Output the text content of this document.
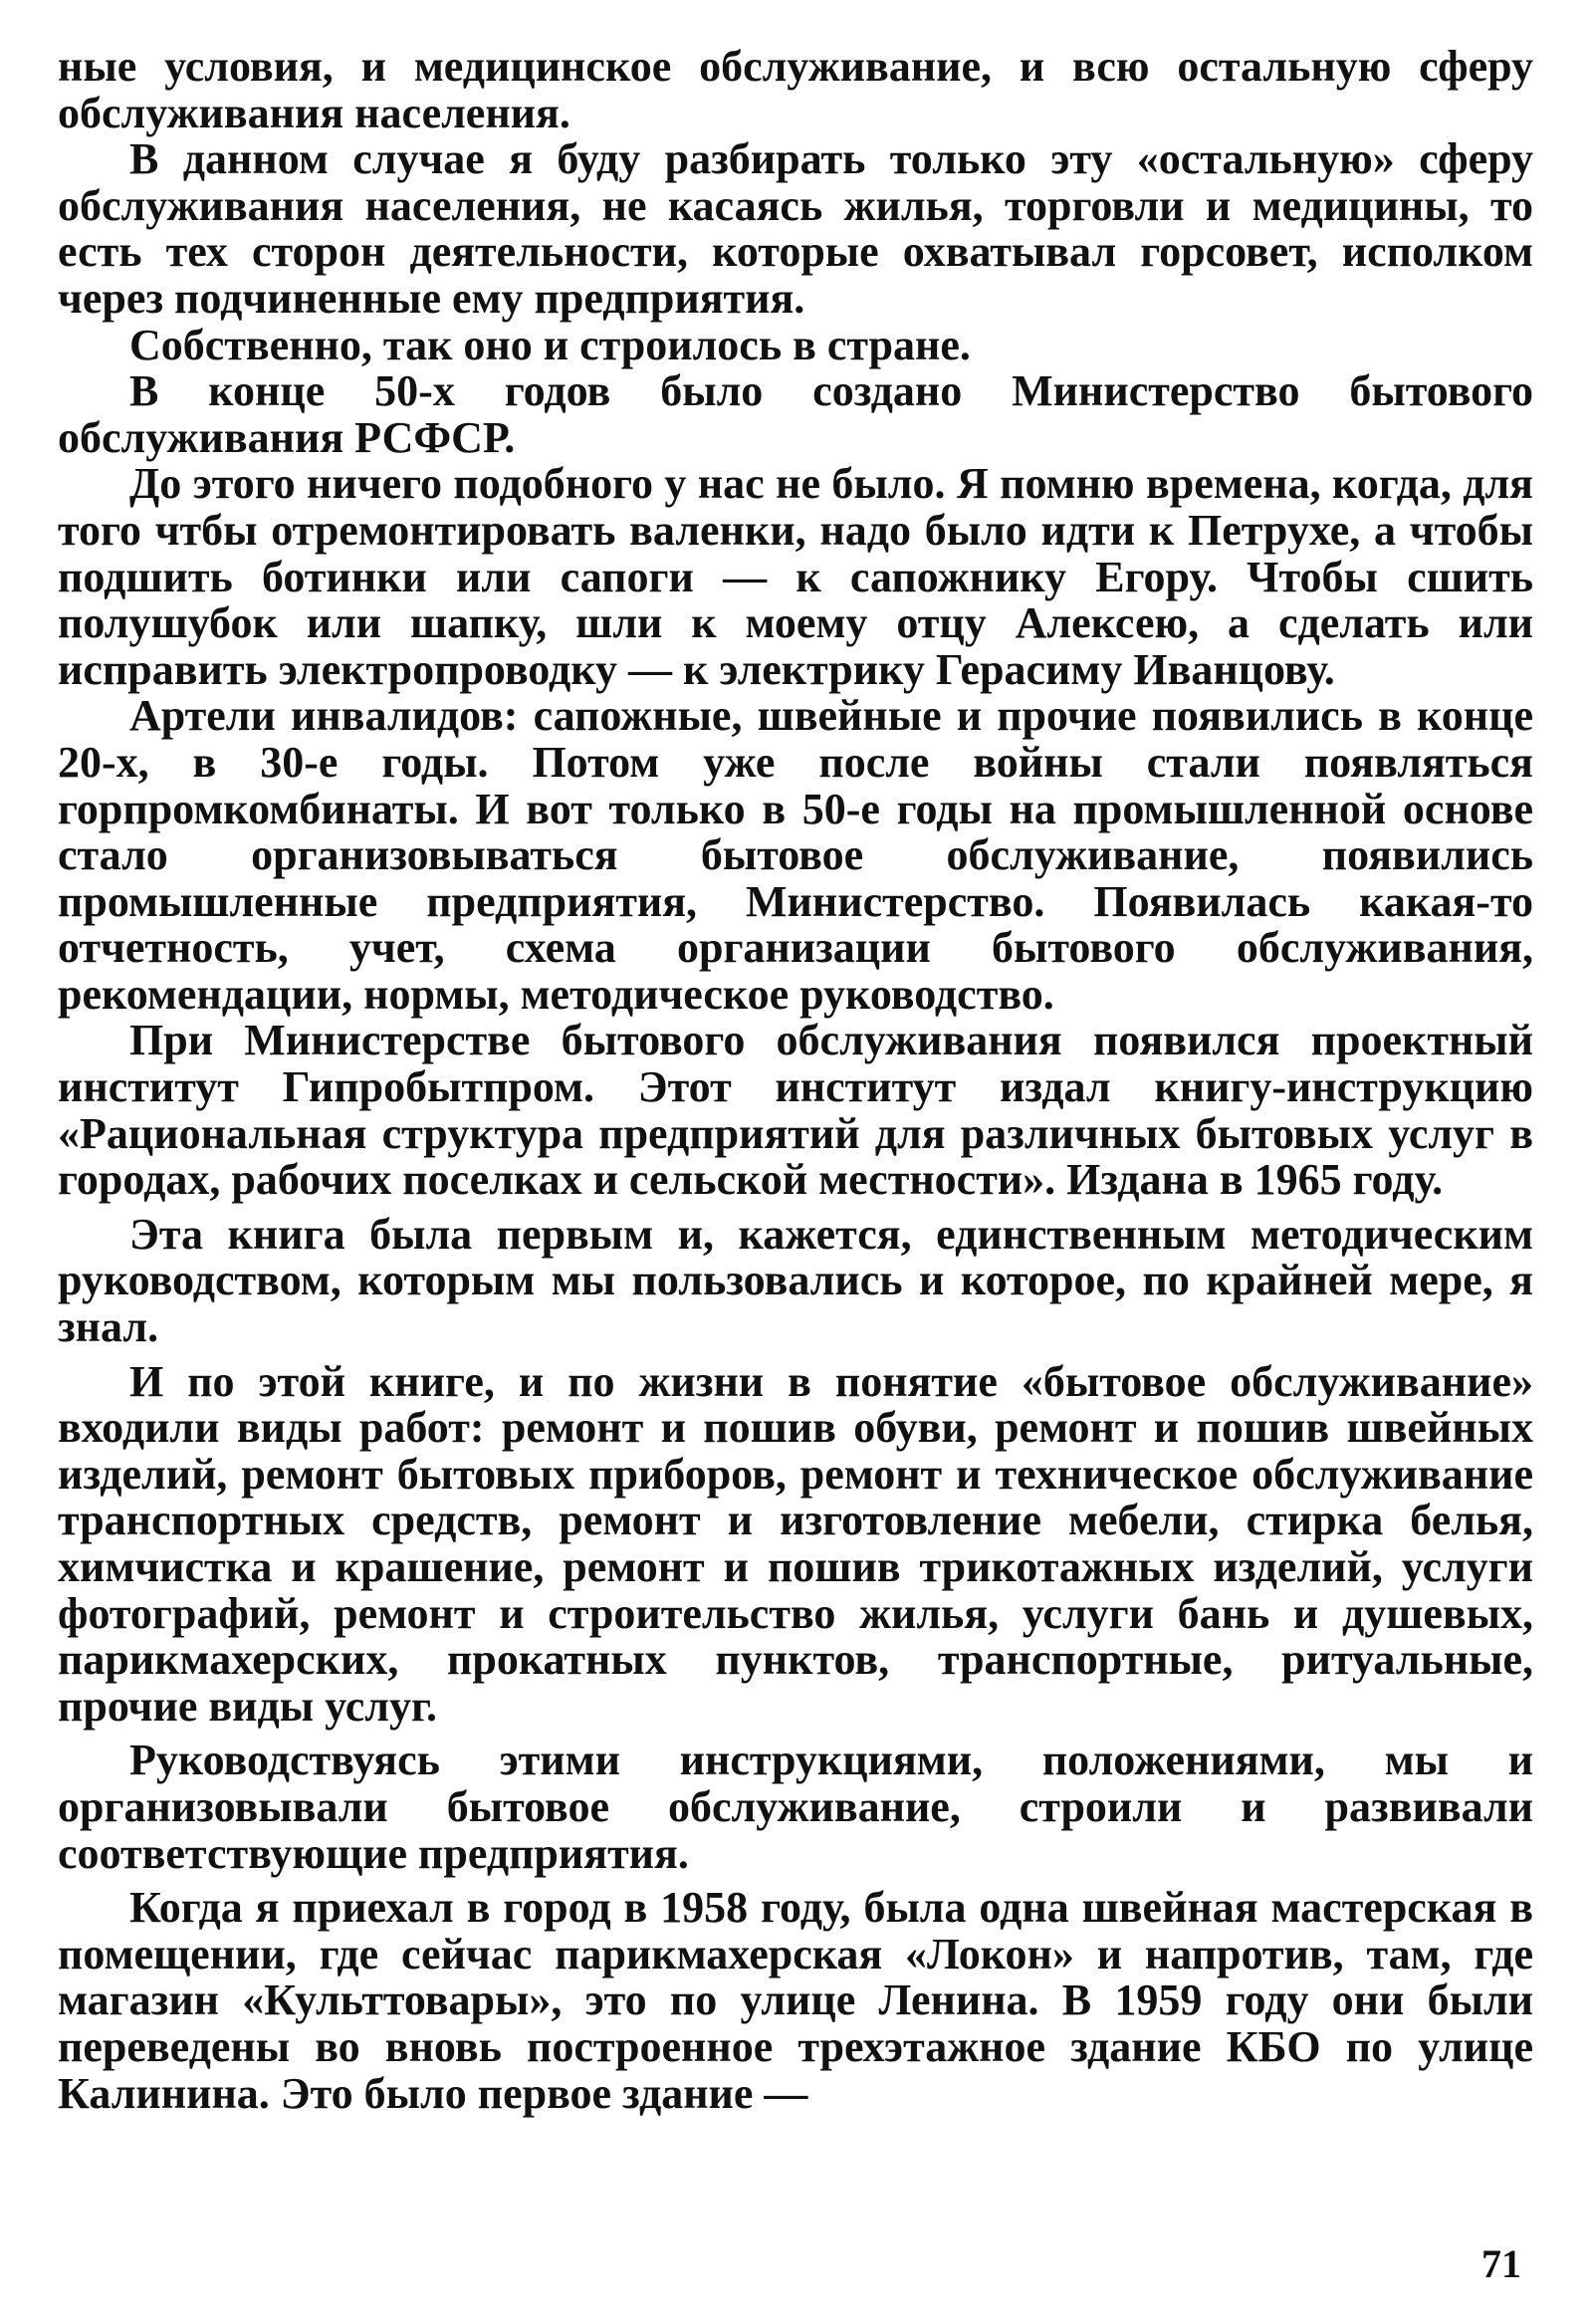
ные условия, и медицинское обслуживание, и всю остальную сферу обслуживания населения.

В данном случае я буду разбирать только эту «остальную» сферу обслуживания населения, не касаясь жилья, торговли и медицины, то есть тех сторон деятельности, которые охватывал горсовет, исполком через подчиненные ему предприятия.

Собственно, так оно и строилось в стране.

В конце 50-х годов было создано Министерство бытового обслуживания РСФСР.

До этого ничего подобного у нас не было. Я помню времена, когда, для того чтбы отремонтировать валенки, надо было идти к Петрухе, а чтобы подшить ботинки или сапоги — к сапожнику Егору. Чтобы сшить полушубок или шапку, шли к моему отцу Алексею, а сделать или исправить электропроводку — к электрику Герасиму Иванцову.

Артели инвалидов: сапожные, швейные и прочие появились в конце 20-х, в 30-е годы. Потом уже после войны стали появляться горпромкомбинаты. И вот только в 50-е годы на промышленной основе стало организовываться бытовое обслуживание, появились промышленные предприятия, Министерство. Появилась какая-то отчетность, учет, схема организации бытового обслуживания, рекомендации, нормы, методическое руководство.

При Министерстве бытового обслуживания появился проектный институт Гипробытпром. Этот институт издал книгу-инструкцию «Рациональная структура предприятий для различных бытовых услуг в городах, рабочих поселках и сельской местности». Издана в 1965 году.

Эта книга была первым и, кажется, единственным методическим руководством, которым мы пользовались и которое, по крайней мере, я знал.

И по этой книге, и по жизни в понятие «бытовое обслуживание» входили виды работ: ремонт и пошив обуви, ремонт и пошив швейных изделий, ремонт бытовых приборов, ремонт и техническое обслуживание транспортных средств, ремонт и изготовление мебели, стирка белья, химчистка и крашение, ремонт и пошив трикотажных изделий, услуги фотографий, ремонт и строительство жилья, услуги бань и душевых, парикмахерских, прокатных пунктов, транспортные, ритуальные, прочие виды услуг.

Руководствуясь этими инструкциями, положениями, мы и организовывали бытовое обслуживание, строили и развивали соответствующие предприятия.

Когда я приехал в город в 1958 году, была одна швейная мастерская в помещении, где сейчас парикмахерская «Локон» и напротив, там, где магазин «Культтовары», это по улице Ленина. В 1959 году они были переведены во вновь построенное трехэтажное здание КБО по улице Калинина. Это было первое здание —

71
